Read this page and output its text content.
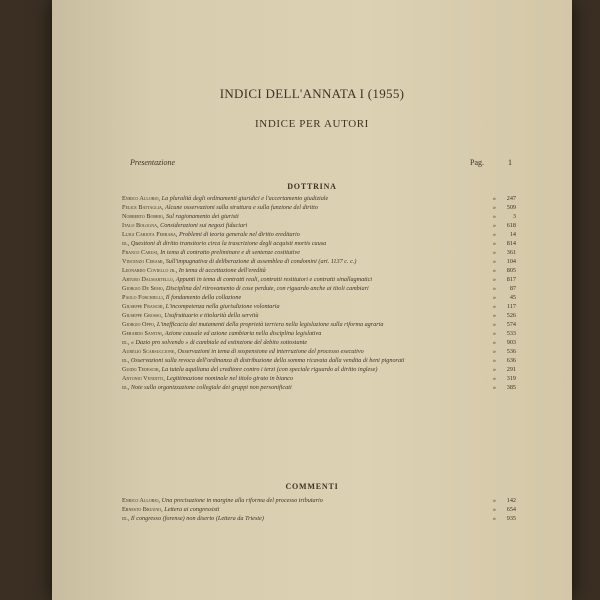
INDICI DELL'ANNATA I (1955)
INDICE PER AUTORI
Presentazione	Pag.	1
DOTTRINA
Enrico Allorio, La pluralità degli ordinamenti giuridici e l'accertamento giudiziale	»	247
Felice Battaglia, Alcune osservazioni sulla struttura e sulla funzione del diritto	»	509
Norberto Bobbio, Sul ragionamento dei giuristi	»	3
Italo Bologna, Considerazioni sui negozi fiduciari	»	618
Luigi Cariota Ferrara, Problemi di teoria generale nel diritto ereditario	»	14
id., Questioni di diritto transitorio circa la trascrizione degli acquisti mortis causa	»	814
Franco Carusi, In tema di contratto preliminare e di sentenze costitutive	»	361
Vincenzo Cerami, Sull'impugnativa di deliberazione di assemblea di condomini (art. 1137 c. c.)	»	104
Leonardo Coviello jr., In tema di accettazione dell'eredità	»	805
Arturo Dalmartello, Appunti in tema di contratti reali, contratti restitutori e contratti sinallagmatici	»	817
Giorgio De Semo, Disciplina del ritrovamento di cose perdute, con riguardo anche ai titoli cambiari	»	87
Paolo Forchielli, Il fondamento della collazione	»	45
Giuseppe Franchi, L'incompetenza nella giurisdizione volontaria	»	117
Giuseppe Grosso, Usufruttuario e titolarità della servitù	»	526
Giorgio Oppo, L'inefficacia dei mutamenti della proprietà terriera nella legislazione sulla riforma agraria	»	574
Gerardo Santini, Azione causale ed azione cambiaria nella disciplina legislativa	»	533
id., « Dazio pro solvendo » di cambiale ed estinzione del debito sottostante	»	903
Aurelio Scarsuccione, Osservazioni in tema di sospensione ed interruzione del processo esecutivo	»	536
id., Osservazioni sulla revoca dell'ordinanza di distribuzione della somma ricavata dalla vendita di beni pignorati	»	636
Guido Tedeschi, La tutela aquiliana del creditore contro i terzi (con speciale riguardo al diritto inglese)	»	291
Antonio Venditti, Legittimazione nominale nel titolo girato in bianco	»	319
id., Note sulla organizzazione collegiale dei gruppi non personificati	»	385
COMMENTI
Enrico Allorio, Una precisazione in margine alla riforma del processo tributario	»	142
Ernesto Bruuno, Lettera ai congressisti	»	654
id., Il congresso (forense) non diserto (Lettera da Trieste)	»	935
